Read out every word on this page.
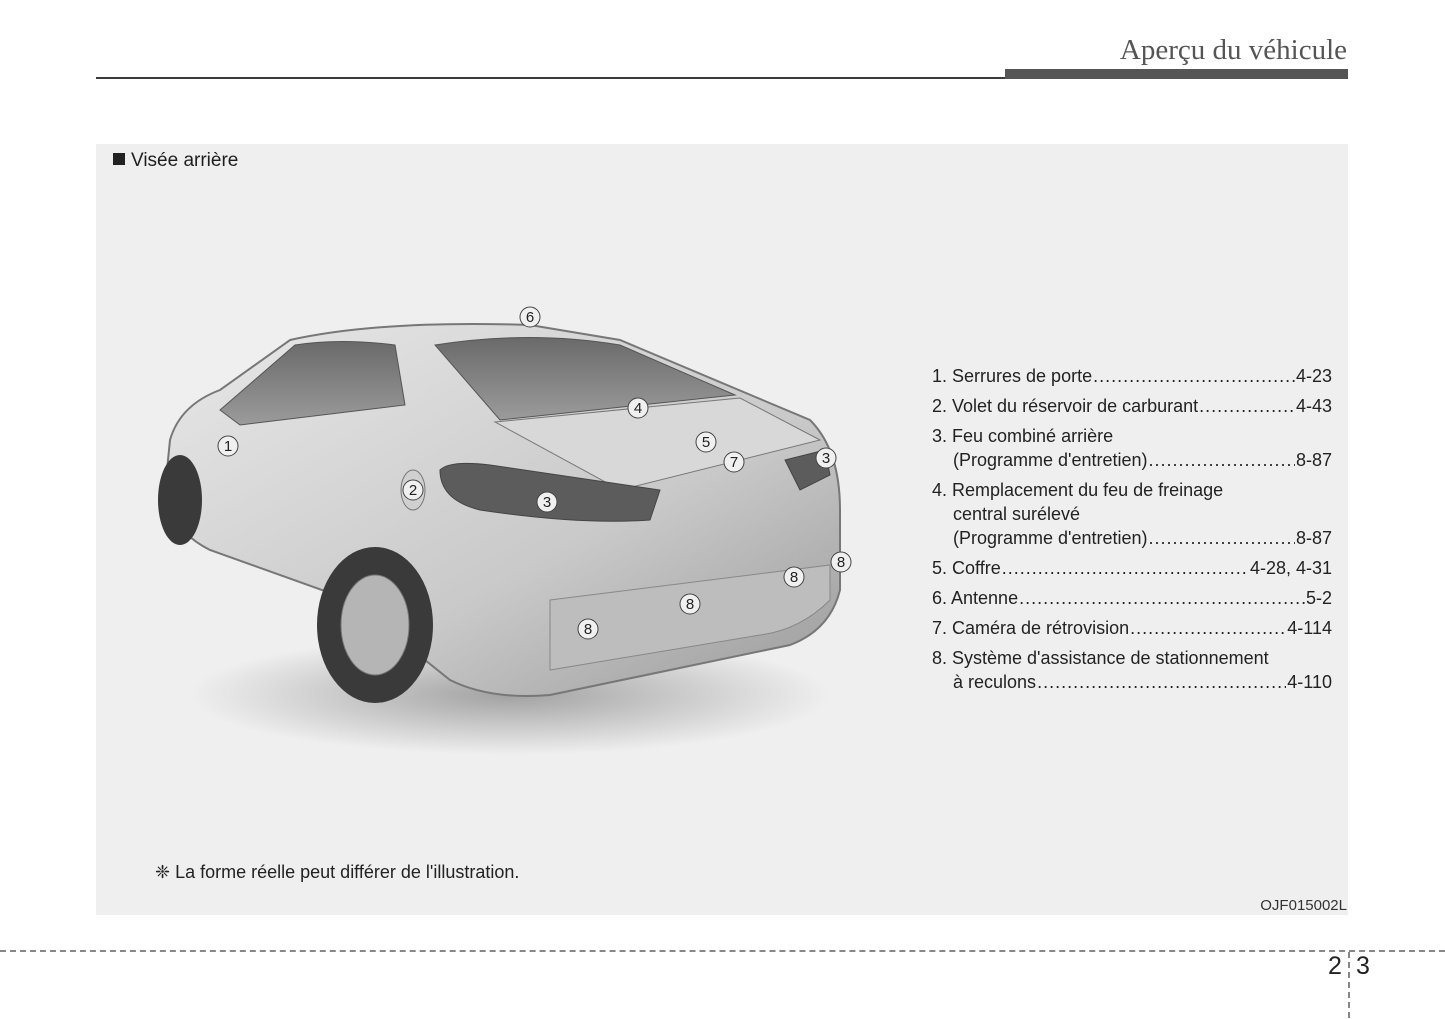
Aperçu du véhicule
Visée arrière
1
2
3
3
4
5
6
7
8
8
8
8
1. Serrures de porte .....	4-23
2. Volet du réservoir de carburant .....	4-43
3. Feu combiné arrière
(Programme d'entretien) .....	8-87
4. Remplacement du feu de freinage
central surélevé
(Programme d'entretien) .....	8-87
5. Coffre .....	4-28, 4-31
6. Antenne .....	5-2
7. Caméra de rétrovision .....	4-114
8. Système d'assistance de stationnement
à reculons .....	4-110
❈ La forme réelle peut différer de l'illustration.
OJF015002L
2 3
